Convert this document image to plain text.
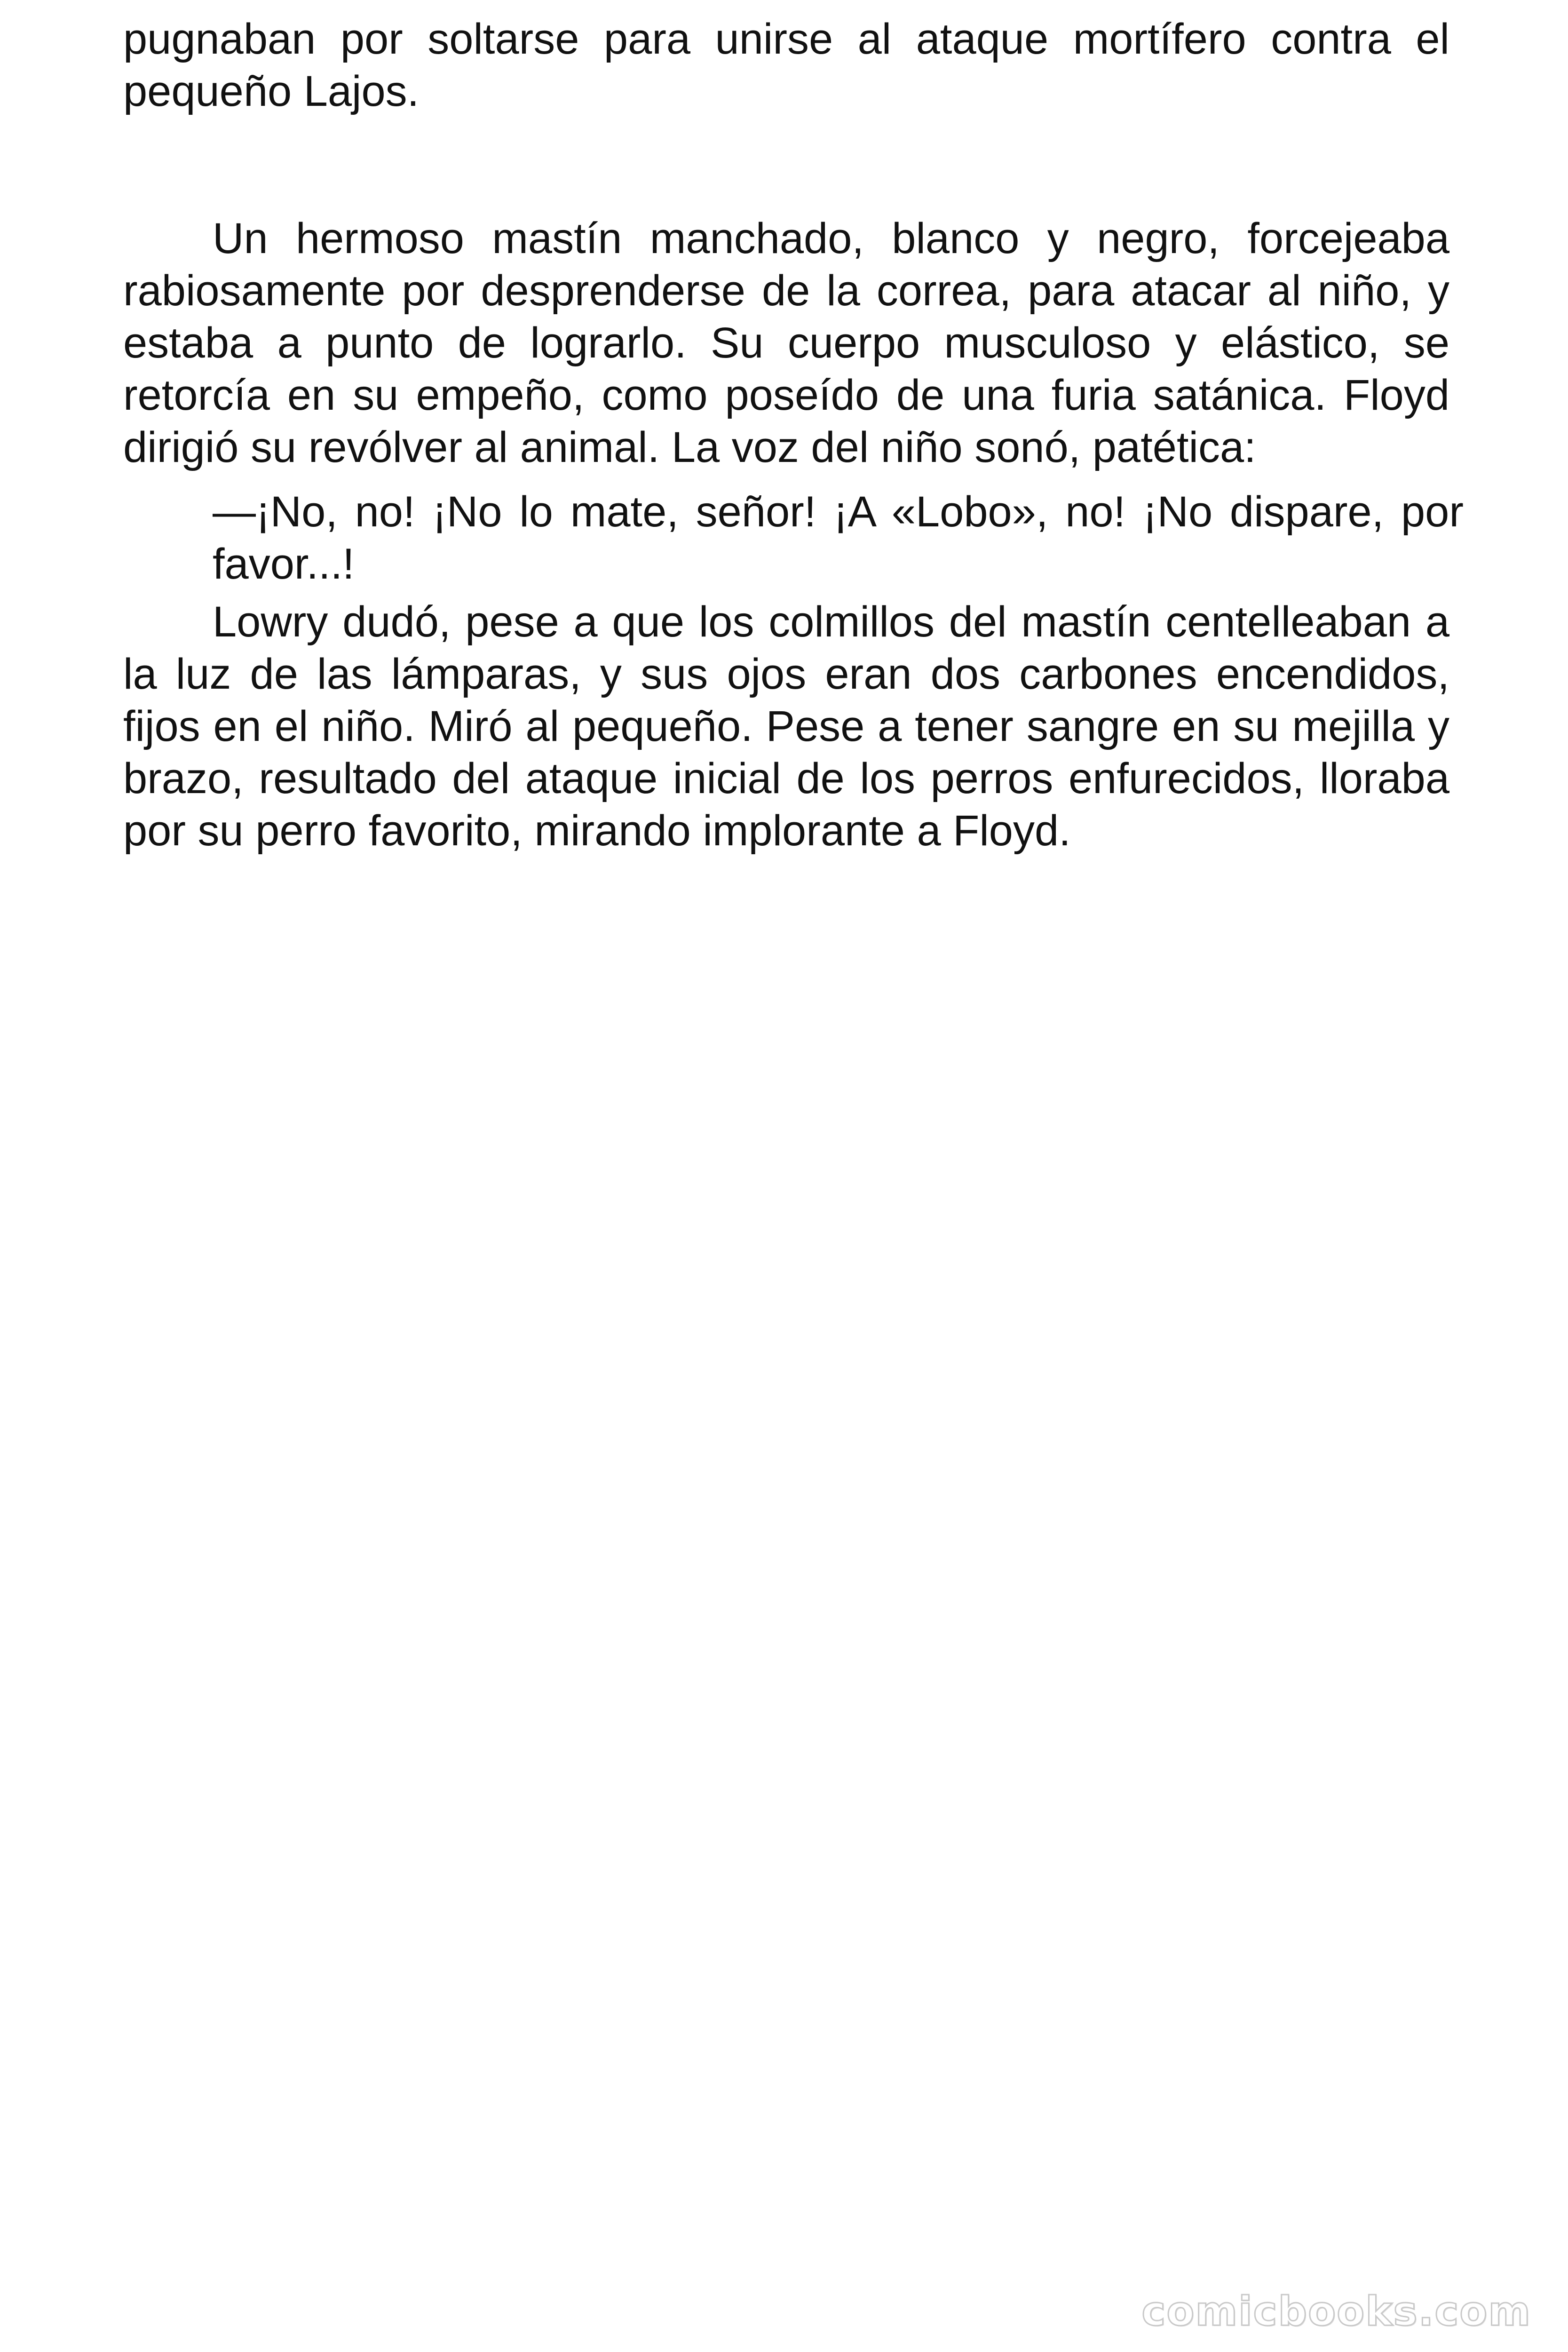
pugnaban por soltarse para unirse al ataque mortífero contra el pequeño Lajos.

Un hermoso mastín manchado, blanco y negro, forcejeaba rabiosamente por desprenderse de la correa, para atacar al niño, y estaba a punto de lograrlo. Su cuerpo musculoso y elástico, se retorcía en su empeño, como poseído de una furia satánica. Floyd dirigió su revólver al animal. La voz del niño sonó, patética:

—¡No, no! ¡No lo mate, señor! ¡A «Lobo», no! ¡No dispare, por favor...!

Lowry dudó, pese a que los colmillos del mastín centelleaban a la luz de las lámparas, y sus ojos eran dos carbones encendidos, fijos en el niño. Miró al pequeño. Pese a tener sangre en su mejilla y brazo, resultado del ataque inicial de los perros enfurecidos, lloraba por su perro favorito, mirando implorante a Floyd.

comicbooks.com
